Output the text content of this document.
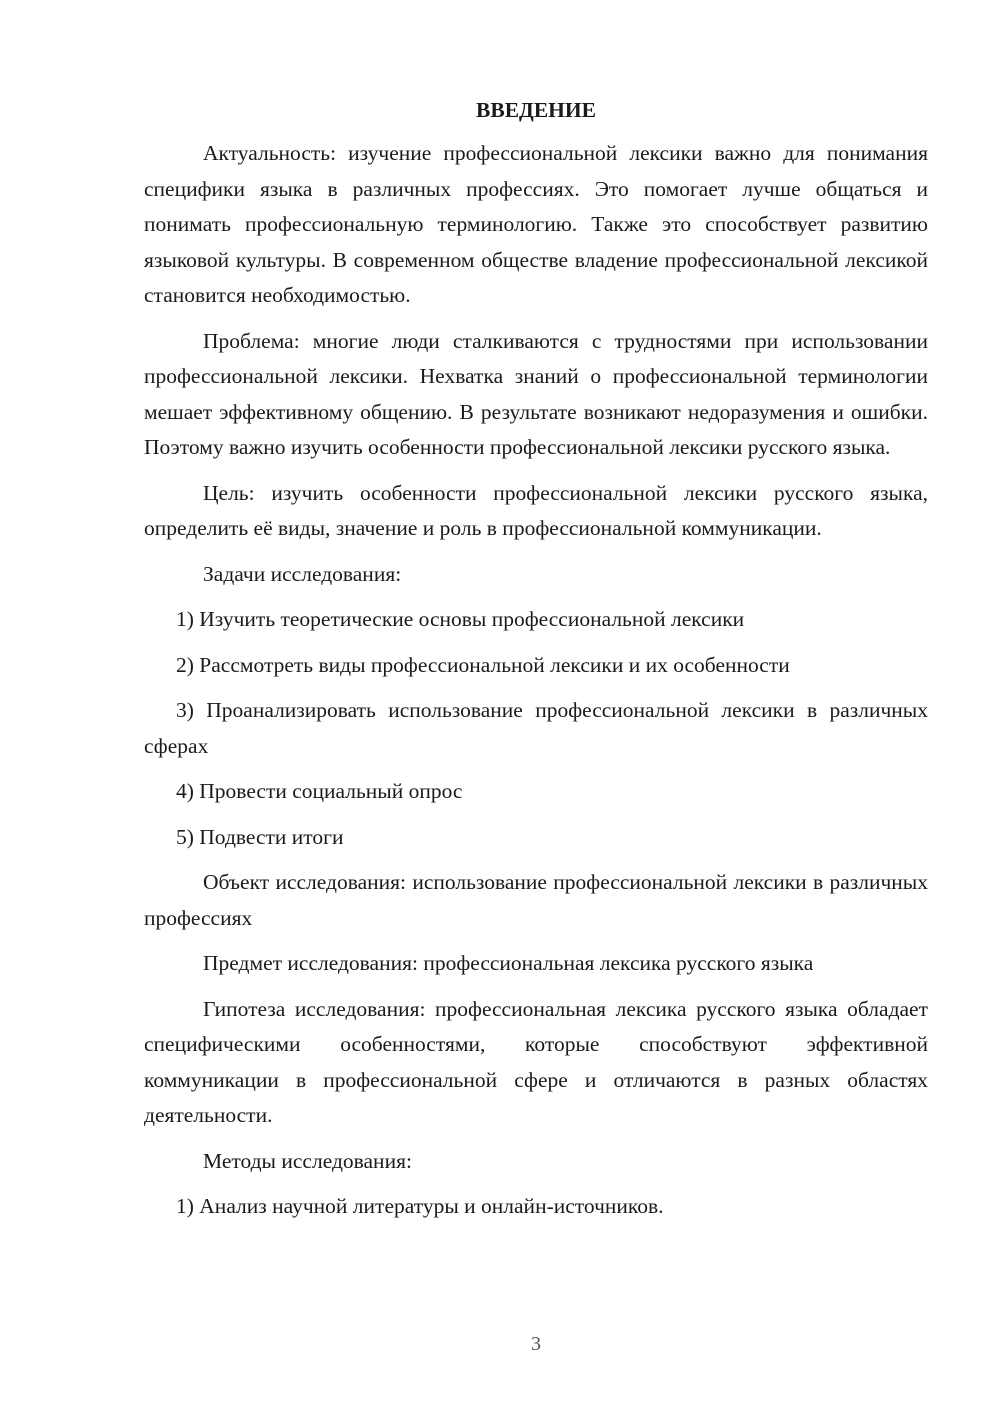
ВВЕДЕНИЕ

Актуальность: изучение профессиональной лексики важно для понимания специфики языка в различных профессиях. Это помогает лучше общаться и понимать профессиональную терминологию. Также это способствует развитию языковой культуры. В современном обществе владение профессиональной лексикой становится необходимостью.

Проблема: многие люди сталкиваются с трудностями при использовании профессиональной лексики. Нехватка знаний о профессиональной терминологии мешает эффективному общению. В результате возникают недоразумения и ошибки. Поэтому важно изучить особенности профессиональной лексики русского языка.

Цель: изучить особенности профессиональной лексики русского языка, определить её виды, значение и роль в профессиональной коммуникации.

Задачи исследования:

1) Изучить теоретические основы профессиональной лексики

2) Рассмотреть виды профессиональной лексики и их особенности

3) Проанализировать использование профессиональной лексики в различных сферах

4) Провести социальный опрос

5) Подвести итоги

Объект исследования: использование профессиональной лексики в различных профессиях

Предмет исследования: профессиональная лексика русского языка

Гипотеза исследования: профессиональная лексика русского языка обладает специфическими особенностями, которые способствуют эффективной коммуникации в профессиональной сфере и отличаются в разных областях деятельности.

Методы исследования:

1) Анализ научной литературы и онлайн-источников.

3
